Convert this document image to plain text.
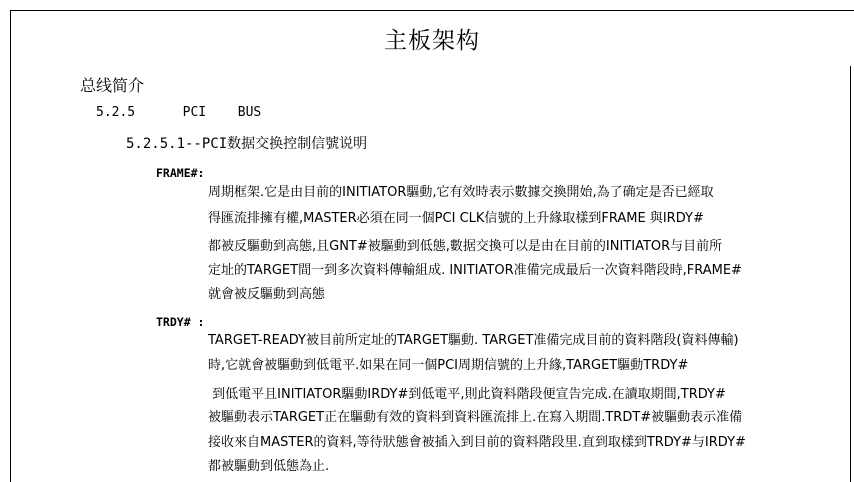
主板架构
总线简介
5.2.5   PCI  BUS
5.2.5.1--PCI数据交换控制信號说明
FRAME#:
周期框架.它是由目前的INITIATOR驅動,它有效時表示數據交換開始,為了确定是否已經取
得匯流排擁有權,MASTER必須在同一個PCI CLK信號的上升緣取樣到FRAME 與IRDY#
都被反驅動到高態,且GNT#被驅動到低態,數据交換可以是由在目前的INITIATOR与目前所
定址的TARGET間一到多次資料傳輸組成. INITIATOR准備完成最后一次資料階段時,FRAME#
就會被反驅動到高態
TRDY# :
TARGET-READY被目前所定址的TARGET驅動. TARGET准備完成目前的資料階段(資料傳輸)
時,它就會被驅動到低電平.如果在同一個PCI周期信號的上升緣,TARGET驅動TRDY#
到低電平且INITIATOR驅動IRDY#到低電平,則此資料階段便宣告完成.在讀取期間,TRDY#
被驅動表示TARGET正在驅動有效的資料到資料匯流排上.在寫入期間.TRDT#被驅動表示准備
接收來自MASTER的資料,等待狀態會被插入到目前的資料階段里.直到取樣到TRDY#与IRDY#
都被驅動到低態為止.
